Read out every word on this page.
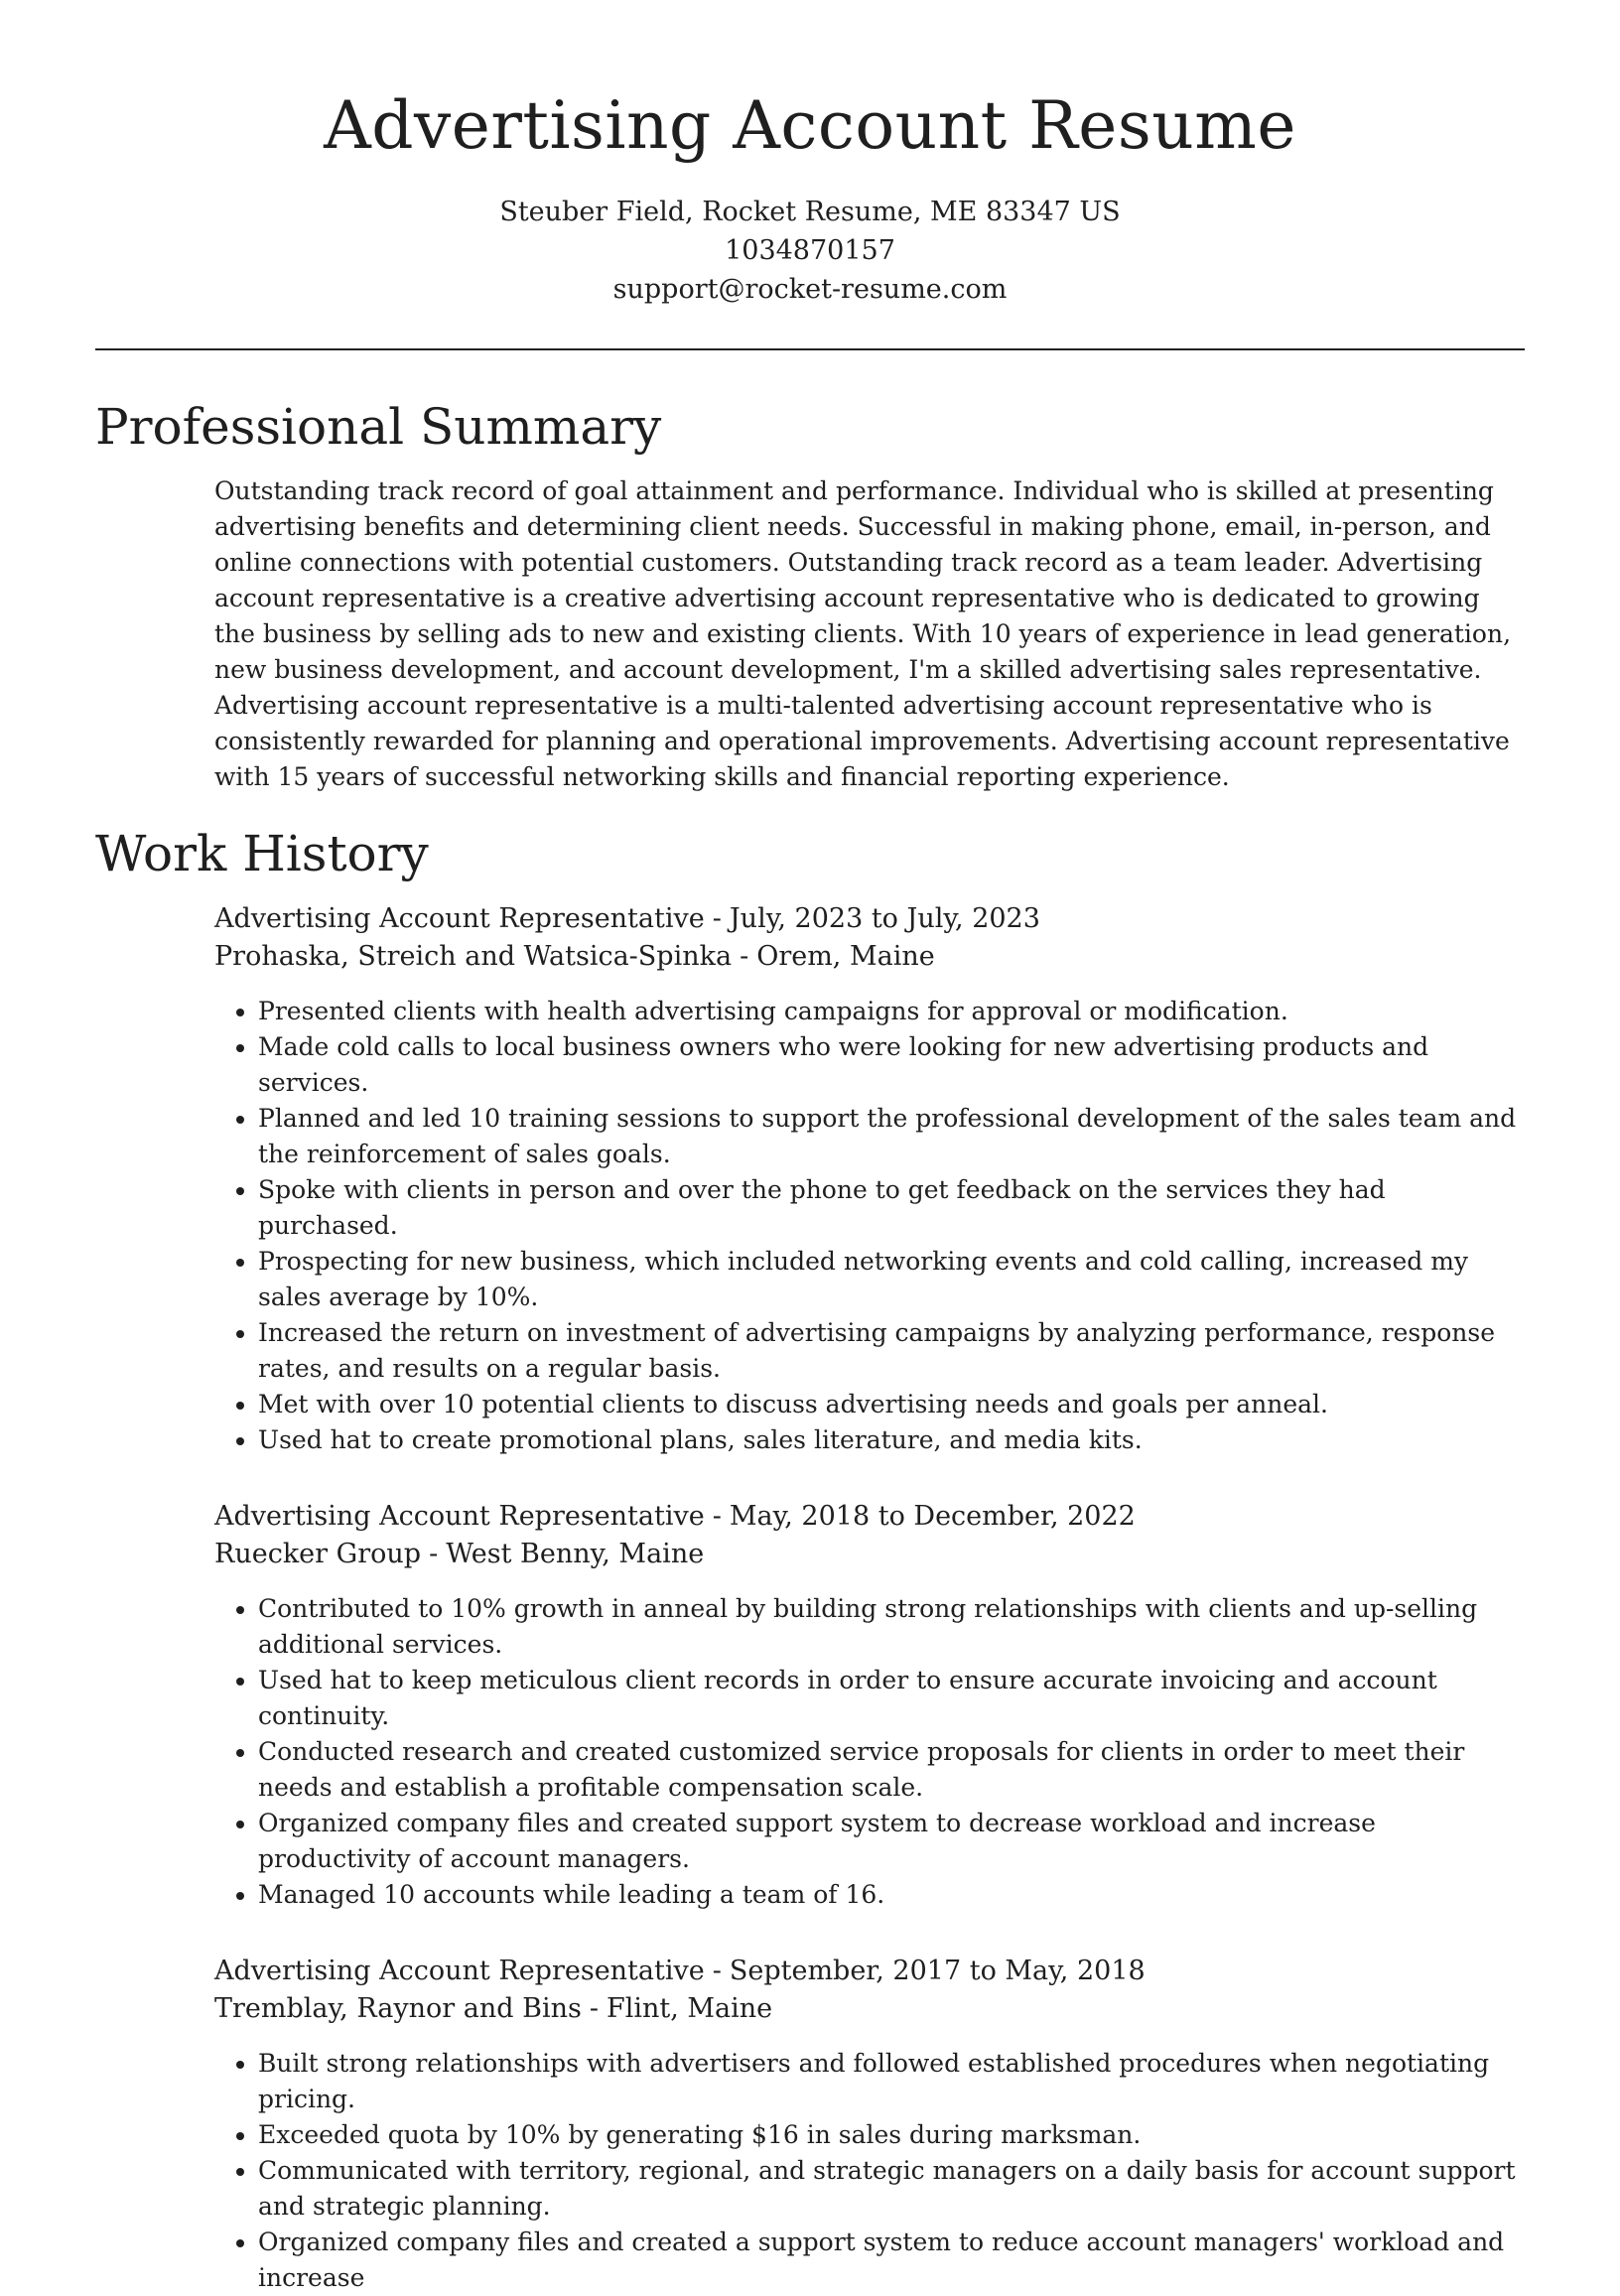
Advertising Account Resume
Steuber Field, Rocket Resume, ME 83347 US
1034870157
support@rocket-resume.com
Professional Summary

Outstanding track record of goal attainment and performance. Individual who is skilled at presenting advertising benefits and determining client needs. Successful in making phone, email, in-person, and online connections with potential customers. Outstanding track record as a team leader. Advertising account representative is a creative advertising account representative who is dedicated to growing the business by selling ads to new and existing clients. With 10 years of experience in lead generation, new business development, and account development, I'm a skilled advertising sales representative. Advertising account representative is a multi-talented advertising account representative who is consistently rewarded for planning and operational improvements. Advertising account representative with 15 years of successful networking skills and financial reporting experience.

Work History
Advertising Account Representative - July, 2023 to July, 2023
Prohaska, Streich and Watsica-Spinka - Orem, Maine
• Presented clients with health advertising campaigns for approval or modification.
• Made cold calls to local business owners who were looking for new advertising products and services.
• Planned and led 10 training sessions to support the professional development of the sales team and the reinforcement of sales goals.
• Spoke with clients in person and over the phone to get feedback on the services they had purchased.
• Prospecting for new business, which included networking events and cold calling, increased my sales average by 10%.
• Increased the return on investment of advertising campaigns by analyzing performance, response rates, and results on a regular basis.
• Met with over 10 potential clients to discuss advertising needs and goals per anneal.
• Used hat to create promotional plans, sales literature, and media kits.
Advertising Account Representative - May, 2018 to December, 2022
Ruecker Group - West Benny, Maine
• Contributed to 10% growth in anneal by building strong relationships with clients and up-selling additional services.
• Used hat to keep meticulous client records in order to ensure accurate invoicing and account continuity.
• Conducted research and created customized service proposals for clients in order to meet their needs and establish a profitable compensation scale.
• Organized company files and created support system to decrease workload and increase productivity of account managers.
• Managed 10 accounts while leading a team of 16.
Advertising Account Representative - September, 2017 to May, 2018
Tremblay, Raynor and Bins - Flint, Maine
• Built strong relationships with advertisers and followed established procedures when negotiating pricing.
• Exceeded quota by 10% by generating $16 in sales during marksman.
• Communicated with territory, regional, and strategic managers on a daily basis for account support and strategic planning.
• Organized company files and created a support system to reduce account managers' workload and increase
